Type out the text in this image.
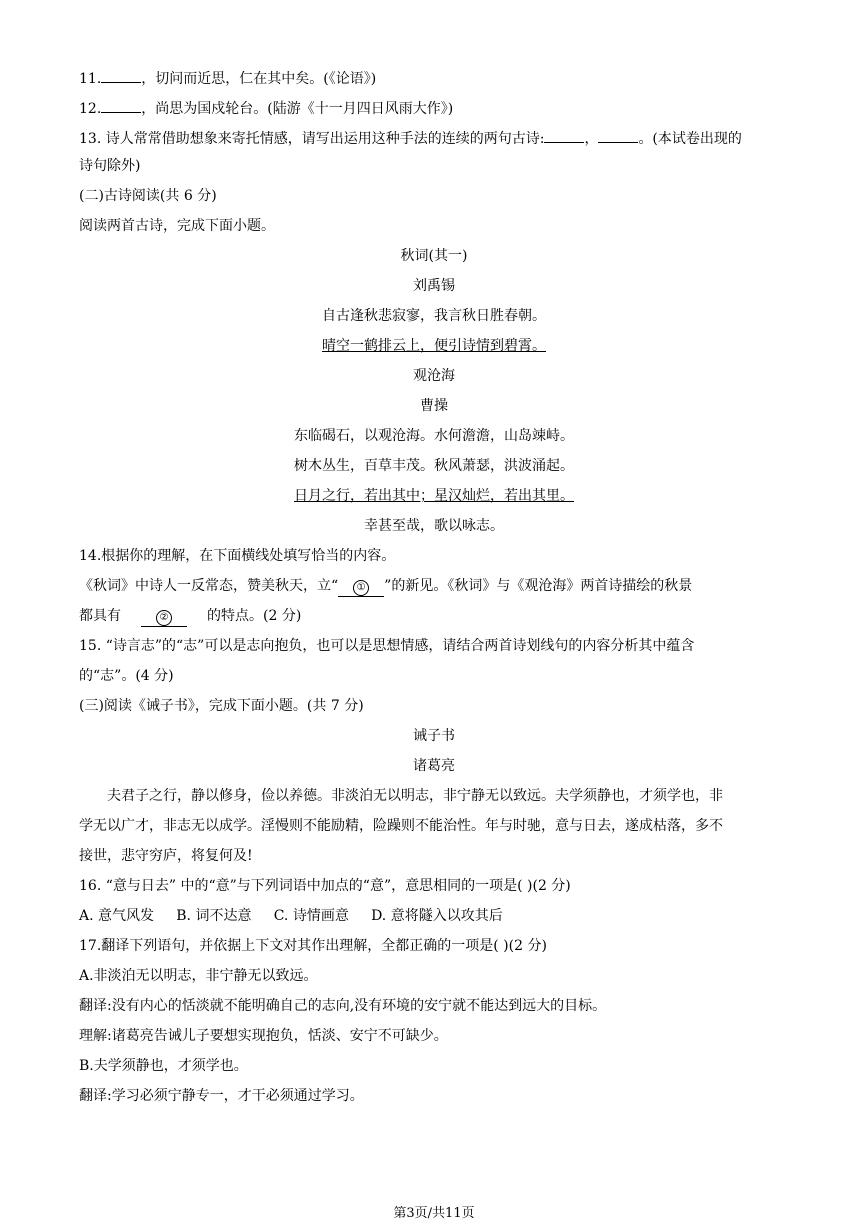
11.	，切问而近思，仁在其中矣。(《论语》)
12.	，尚思为国戍轮台。(陆游《十一月四日风雨大作》)
13. 诗人常常借助想象来寄托情感，请写出运用这种手法的连续的两句古诗:	，	。(本试卷出现的
诗句除外)
(二)古诗阅读(共 6 分)
阅读两首古诗，完成下面小题。
秋词(其一)
刘禹锡
自古逢秋悲寂寥，我言秋日胜春朝。
晴空一鹤排云上，便引诗情到碧霄。
观沧海
曹操
东临碣石，以观沧海。水何澹澹，山岛竦峙。
树木丛生，百草丰茂。秋风萧瑟，洪波涌起。
日月之行，若出其中；星汉灿烂，若出其里。
幸甚至哉，歌以咏志。
14.根据你的理解，在下面横线处填写恰当的内容。
《秋词》中诗人一反常态，赞美秋天，立“ ① ”的新见。《秋词》与《观沧海》两首诗描绘的秋景
都具有	②	的特点。(2 分)
15. “诗言志”的“志”可以是志向抱负，也可以是思想情感，请结合两首诗划线句的内容分析其中蕴含
的“志”。(4 分)
(三)阅读《诫子书》，完成下面小题。(共 7 分)
诫子书
诸葛亮
夫君子之行，静以修身，俭以养德。非淡泊无以明志，非宁静无以致远。夫学须静也，才须学也，非
学无以广才，非志无以成学。淫慢则不能励精，险躁则不能治性。年与时驰，意与日去，遂成枯落，多不
接世，悲守穷庐，将复何及!
16. “意与日去” 中的“意”与下列词语中加点的“意”，意思相同的一项是( )(2 分)
A. 意气风发     B. 词不达意     C. 诗情画意     D. 意将隧入以攻其后
17.翻译下列语句，并依据上下文对其作出理解，全都正确的一项是( )(2 分)
A.非淡泊无以明志，非宁静无以致远。
翻译:没有内心的恬淡就不能明确自己的志向,没有环境的安宁就不能达到远大的目标。
理解:诸葛亮告诫儿子要想实现抱负，恬淡、安宁不可缺少。
B.夫学须静也，才须学也。
翻译:学习必须宁静专一，才干必须通过学习。
第3页/共11页
